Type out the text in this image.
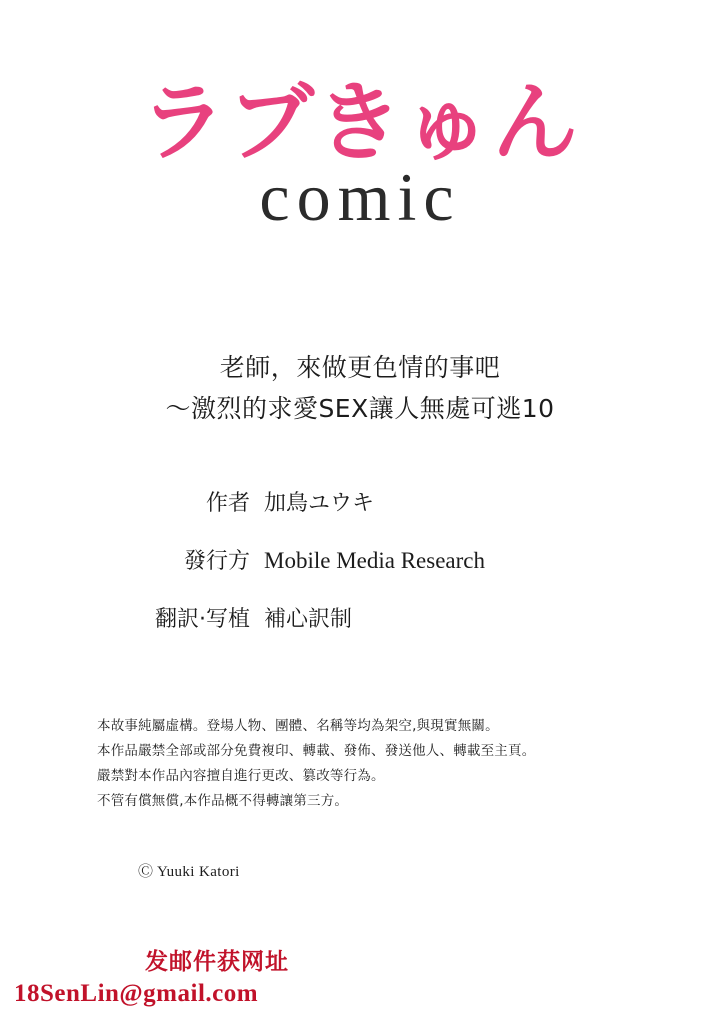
ラブきゅん
comic
老師，來做更色情的事吧
～激烈的求愛SEX讓人無處可逃10
作者 加鳥ユウキ
發行方 Mobile Media Research
翻訳·写植 補心訳制

本故事純屬虛構。登場人物、團體、名稱等均為架空,與現實無關。

本作品嚴禁全部或部分免費複印、轉載、發佈、發送他人、轉載至主頁。

嚴禁對本作品內容擅自進行更改、篡改等行為。

不管有償無償,本作品概不得轉讓第三方。

Ⓒ Yuuki Katori
发邮件获网址
18SenLin@gmail.com
